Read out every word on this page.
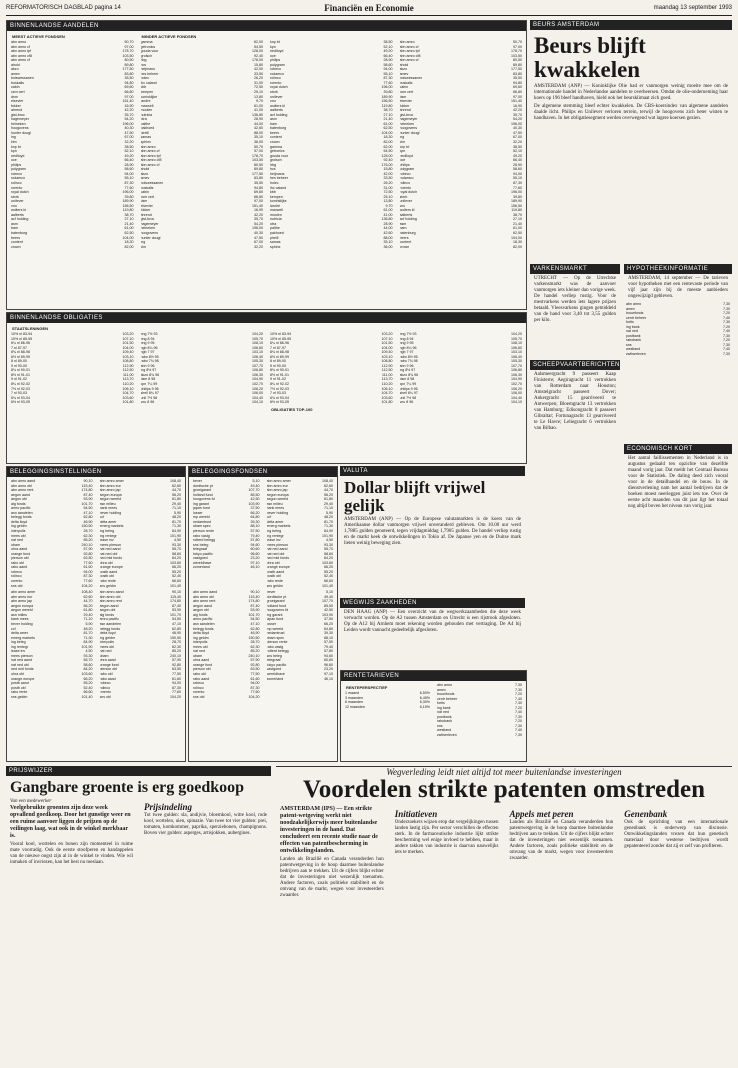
REFORMATORISCH DAGBLAD pagina 14	Financiën en Economie	maandag 13 september 1993
BINNENLANDSE AANDELEN
MEEST ACTIEVE FONDSEN
abn amro	50,70
abn amro cf	97,00
abn amro tpf	178,70
abn amro cf8	103,50
abn amro cf	80,50
ahold	89,80
akzo	177,50
amev	83,80
bolswessanen	35,50
boskalis	94,80
cabin	69,60
csm cert	66,80
dsm	97,00
elsevier	151,40
fokker	16,90
ahrend	42,20
gist-broc	35,70
hagemeyer	54,20
heineken	196,00
hoogovens	40,30
hunter dougl	47,50
ing	67,00
klm	32,20
knp bt	38,50
kpn	52,10
nedlloyd	49,20
oce	66,40
philips	28,90
polygram	58,60
robeco	94,00
rodamco	55,10
rolinco	87,30
rorento	77,60
royal dutch	196,00
stork	39,80
unilever	189,90
vnu	156,50
wolters kl	119,80
aalberts	38,70
acf holding	27,10
asm	21,40
bam	61,00
batenburg	62,50
beers	104,00
content	18,30
crown	82,00
MINDER ACTIEVE FONDSEN
gamma	62,00
getronics	54,50
gouda vuur	128,00
grolsch	92,40
hbg	176,00
hcs	15,80
heijmans	42,00
hes beheer	33,50
holec	26,20
ihc caland	31,00
kbb	72,50
kempen	25,10
koninklijke	13,80
landré	9,70
maxwell	61,00
moolen	41,00
nutricia	136,80
otra	28,90
palthe	44,00
pakhoed	42,60
pirelli	88,00
samas	35,10
sphinx	36,00
abn amro	50,70
abn amro cf	97,00
abn amro tpf	178,70
abn amro cf8	103,50
abn amro cf	80,50
ahold	89,80
akzo	177,50
amev	83,80
bolswessanen	35,50
boskalis	94,80
cabin	69,60
csm cert	66,80
dsm	97,00
elsevier	151,40
fokker	16,90
ahrend	42,20
gist-broc	35,70
hagemeyer	54,20
heineken	196,00
hoogovens	40,30
hunter dougl	47,50
ing	67,00
klm	32,20
knp bt	38,50
kpn	52,10
nedlloyd	49,20
oce	66,40
philips	28,90
polygram	58,60
robeco	94,00
rodamco	55,10
rolinco	87,30
rorento	77,60
royal dutch	196,00
stork	39,80
unilever	189,90
vnu	156,50
wolters kl	119,80
aalberts	38,70
acf holding	27,10
asm	21,40
bam	61,00
batenburg	62,50
beers	104,00
content	18,30
crown	82,00
gamma	62,00
getronics	54,50
gouda vuur	128,00
grolsch	92,40
hbg	176,00
hcs	15,80
heijmans	42,00
hes beheer	33,50
holec	26,20
ihc caland	31,00
kbb	72,50
kempen	25,10
koninklijke	13,80
landré	9,70
maxwell	61,00
moolen	41,00
nutricia	136,80
otra	28,90
palthe	44,00
pakhoed	42,60
pirelli	88,00
samas	35,10
sphinx	36,00
abn amro	50,70
abn amro cf	97,00
abn amro tpf	178,70
abn amro cf8	103,50
abn amro cf	80,50
ahold	89,80
akzo	177,50
amev	83,80
bolswessanen	35,50
boskalis	94,80
cabin	69,60
csm cert	66,80
dsm	97,00
elsevier	151,40
fokker	16,90
ahrend	42,20
gist-broc	35,70
hagemeyer	54,20
heineken	196,00
hoogovens	40,30
hunter dougl	47,50
ing	67,00
klm	32,20
knp bt	38,50
kpn	52,10
nedlloyd	49,20
oce	66,40
philips	28,90
polygram	58,60
robeco	94,00
rodamco	55,10
rolinco	87,30
rorento	77,60
royal dutch	196,00
stork	39,80
unilever	189,90
vnu	156,50
wolters kl	119,80
aalberts	38,70
acf holding	27,10
asm	21,40
bam	61,00
batenburg	62,50
beers	104,00
content	18,30
crown	82,00
BINNENLANDSE OBLIGATIES
STAATSLENINGEN
10% nl 83-94	103,20
10% nl 85-95	107,10
6¼ nl 86-96	101,50
7 nl 87-97	104,00
8¾ nl 88-98	109,40
6½ nl 89-99	103,10
8 nl 89-00	108,80
9 nl 90-00	112,90
8¾ nl 90-01	112,50
8½ nl 91-01	111,00
9 nl 91-02	113,70
8¼ nl 92-02	110,20
7½ nl 92-03	106,10
7 nl 93-03	104,70
6¾ nl 93-04	103,60
6½ nl 93-05	101,80
bng 7½ 93	104,20
bng 8 94	105,70
bng 9 95	108,10
ngb 8¼ 96	106,60
ngb 7 97	103,10
rabo 8½ 95	106,40
rabo 7¾ 98	105,30
abn 9 96	107,70
ing 8½ 97	106,80
akzo 8¾ 96	106,30
dsm 8 98	104,90
kpn 7¼ 99	102,70
philips 9 96	106,20
shell 8¼ 97	106,00
unil 7½ 98	104,40
vnu 8 96	104,10
10% nl 83-94	103,20
10% nl 85-95	107,10
6¼ nl 86-96	101,50
7 nl 87-97	104,00
8¾ nl 88-98	109,40
6½ nl 89-99	103,10
8 nl 89-00	108,80
9 nl 90-00	112,90
8¾ nl 90-01	112,50
8½ nl 91-01	111,00
9 nl 91-02	113,70
8¼ nl 92-02	110,20
7½ nl 92-03	106,10
7 nl 93-03	104,70
6¾ nl 93-04	103,60
6½ nl 93-05	101,80
OBLIGATIES TOP-100
bng 7½ 93	104,20
bng 8 94	105,70
bng 9 95	108,10
ngb 8¼ 96	106,60
ngb 7 97	103,10
rabo 8½ 95	106,40
rabo 7¾ 98	105,30
abn 9 96	107,70
ing 8½ 97	106,80
akzo 8¾ 96	106,30
dsm 8 98	104,90
kpn 7¼ 99	102,70
philips 9 96	106,20
shell 8¼ 97	106,00
unil 7½ 98	104,40
vnu 8 96	104,10
BELEGGINGSINSTELLINGEN
abn amro aand	90,10
abn amro obl	115,40
abn amro rent	174,80
aegon aand	87,40
aegon obl	53,90
alg fonds	101,70
amro pacific	54,50
asn aandelen	47,10
belegg fonds	62,80
delta lloyd	46,90
ing geldm	150,50
interpolis	28,70
mees obl	62,30
nat ned	85,20
obam	240,10
ohra aand	57,90
orange fund	92,80
pierson obl	63,50
rabo obl	77,50
rabo aand	61,60
robeco	94,00
rolinco	87,30
rorento	77,60
sns obl	104,20
abn amro amer	108,40
abn amro eur	62,60
abn amro jap	44,70
aegon europa	56,20
aegon wereld	61,80
asn milieu	29,40
bank mees	71,10
bever holding	5,90
ccf	48,20
delta amer	81,70
emerg markets	71,30
ing beleg	84,90
ing rentegr	101,90
lease inv	4,50
mees pierson	93,30
nat ned aand	55,70
nat ned obl	58,60
ned mid fonds	84,20
ohra obl	103,60
orange europe	66,20
postb aand	55,20
postb obl	52,40
rabo rente	66,60
sns geldm	101,40
abn amro amer	108,40
abn amro eur	62,60
abn amro jap	44,70
aegon europa	56,20
aegon wereld	61,80
asn milieu	29,40
bank mees	71,10
bever holding	5,90
ccf	48,20
delta amer	81,70
emerg markets	71,30
ing beleg	84,90
ing rentegr	101,90
lease inv	4,50
mees pierson	93,30
nat ned aand	55,70
nat ned obl	58,60
ned mid fonds	84,20
ohra obl	103,60
orange europe	66,20
postb aand	55,20
postb obl	52,40
rabo rente	66,60
sns geldm	101,40
abn amro aand	90,10
abn amro obl	115,40
abn amro rent	174,80
aegon aand	87,40
aegon obl	53,90
alg fonds	101,70
amro pacific	54,50
asn aandelen	47,10
belegg fonds	62,80
delta lloyd	46,90
ing geldm	150,50
interpolis	28,70
mees obl	62,30
nat ned	85,20
obam	240,10
ohra aand	57,90
orange fund	92,80
pierson obl	63,50
rabo obl	77,50
rabo aand	61,60
robeco	94,00
rolinco	87,30
rorento	77,60
sns obl	104,20
BELEGGINGSFONDSEN
bever	5,10
dordtsche pt	49,40
groeigarant	107,70
holland fund	85,50
hoogovens fd	42,50
ing garant	103,90
japan fund	37,50
losser	66,20
mp wereld	64,80
nedamtrust	39,30
obam spec	88,10
pierson rente	57,50
rabo vastg	79,40
rotterd belegg	57,80
sns beleg	94,60
telegraaf	60,60
tokyo pacific	96,60
vastgoed	23,20
wereldhave	97,10
zomerland	46,10
abn amro amer	108,40
abn amro eur	62,60
abn amro jap	44,70
aegon europa	56,20
aegon wereld	61,80
asn milieu	29,40
bank mees	71,10
bever holding	5,90
ccf	48,20
delta amer	81,70
emerg markets	71,30
ing beleg	84,90
ing rentegr	101,90
lease inv	4,50
mees pierson	93,30
nat ned aand	55,70
nat ned obl	58,60
ned mid fonds	84,20
ohra obl	103,60
orange europe	66,20
postb aand	55,20
postb obl	52,40
rabo rente	66,60
sns geldm	101,40
abn amro aand	90,10
abn amro obl	115,40
abn amro rent	174,80
aegon aand	87,40
aegon obl	53,90
alg fonds	101,70
amro pacific	54,50
asn aandelen	47,10
belegg fonds	62,80
delta lloyd	46,90
ing geldm	150,50
interpolis	28,70
mees obl	62,30
nat ned	85,20
obam	240,10
ohra aand	57,90
orange fund	92,80
pierson obl	63,50
rabo obl	77,50
rabo aand	61,60
robeco	94,00
rolinco	87,30
rorento	77,60
sns obl	104,20
bever	5,10
dordtsche pt	49,40
groeigarant	107,70
holland fund	85,50
hoogovens fd	42,50
ing garant	103,90
japan fund	37,50
losser	66,20
mp wereld	64,80
nedamtrust	39,30
obam spec	88,10
pierson rente	57,50
rabo vastg	79,40
rotterd belegg	57,80
sns beleg	94,60
telegraaf	60,60
tokyo pacific	96,60
vastgoed	23,20
wereldhave	97,10
zomerland	46,10
VALUTA
Dollar blijft vrijwel gelijk
AMSTERDAM (ANP) — Op de Europese valutamarkten is de koers van de Amerikaanse dollar vanmorgen vrijwel onveranderd gebleven. Om 10.00 uur werd 1,7885 gulden genoteerd, tegen vrijdagmiddag 1,7905 gulden. De handel verliep rustig en de markt keek de ontwikkelingen in Tokio af. De Japanse yen en de Duitse mark lieten weinig beweging zien.
WEGWIJS ZAAKHEDEN
DEN HAAG (ANP) — Een overzicht van de wegwerkzaamheden die deze week verwacht worden. Op de A2 tussen Amsterdam en Utrecht is een rijstrook afgesloten. Op de A12 bij Arnhem moet rekening worden gehouden met vertraging. De A4 bij Leiden wordt vannacht gedeeltelijk afgesloten.
RENTETARIEVEN
RENTEPERSPECTIEF
1 maand	6,50%
3 maanden	6,45%
6 maanden	6,30%
12 maanden	6,15%
abn amro	7,30
amev	7,30
bouwfonds	7,20
centr beheer	7,40
fortis	7,30
ing bank	7,20
nat ned	7,40
postbank	7,30
rabobank	7,20
sns	7,30
westland	7,40
zwitserleven	7,30
BEURS AMSTERDAM
Beurs blijft kwakkelen
AMSTERDAM (ANP) — Koninklijke Olie had er vanmorgen weinig moeite mee om de internationale handel in Nederlandse aandelen te overheersen. Omdat de olie-onderneming haar koers op 196 bleef handhaven, hield ook het beursklimaat zich goed.
De algemene stemming bleef echter kwakkelen. De CBS-koersindex van algemene aandelen daalde licht. Philips en Unilever verloren terrein, terwijl de hoogovens zich beter wisten te handhaven. In het obligatiesegment werden overwegend wat lagere koersen gezien.
VARKENSMARKT
UTRECHT — Op de Utrechtse varkensmarkt was de aanvoer vanmorgen iets kleiner dan vorige week. De handel verliep rustig. Voor de mestvarkens werden iets lagere prijzen betaald. Vleesvarkens gingen gemiddeld van de hand voor 3,40 tot 3,55 gulden per kilo.
HYPOTHEEKINFORMATIE
AMSTERDAM, 14 september — De tarieven voor hypotheken met een rentevaste periode van vijf jaar zijn bij de meeste aanbieders ongewijzigd gebleven.
abn amro	7,30
amev	7,30
bouwfonds	7,20
centr beheer	7,40
fortis	7,30
ing bank	7,20
nat ned	7,40
postbank	7,30
rabobank	7,20
sns	7,30
westland	7,40
zwitserleven	7,30
SCHEEPVAARTBERICHTEN
Aalsmeergracht 9 passeert Kaap Finisterre; Aegiragracht 11 vertrokken van Rotterdam naar Houston; Amstelgracht passeert Dover; Ankergracht 15 gearriveerd te Antwerpen; Bloemgracht 13 vertrokken van Hamburg; Edisongracht 8 passeert Gibraltar; Fortunagracht 13 gearriveerd te Le Havre; Leliegracht 6 vertrokken van Bilbao.
ECONOMISCH KORT
Het aantal faillissementen in Nederland is in augustus gedaald ten opzichte van dezelfde maand vorig jaar. Dat meldt het Centraal Bureau voor de Statistiek. De daling deed zich vooral voor in de detailhandel en de bouw. In de dienstverlening nam het aantal bedrijven dat de boeken moest neerleggen juist iets toe. Over de eerste acht maanden van dit jaar ligt het totaal nog altijd boven het niveau van vorig jaar.
PRIJSWIJZER
Gangbare groente is erg goedkoop
Van een medewerker
Veelgebruikte groenten zijn deze week opvallend goedkoop. Door het gunstige weer en een ruime aanvoer liggen de prijzen op de veilingen laag, wat ook in de winkel merkbaar is.
Vooral kool, wortelen en bonen zijn momenteel in ruime mate voorradig. Ook de eerste stoofperen en handappelen van de nieuwe oogst zijn al in de winkel te vinden. Wie wil inmaken of invriezen, kan het best nu toeslaan.
Prijsindeling
Tot twee gulden: sla, andijvie, bloemkool, witte kool, rode kool, wortelen, uien, spinazie. Van twee tot vier gulden: prei, tomaten, komkommer, paprika, sperziebonen, champignons. Boven vier gulden: asperges, artisjokken, aubergines.
Wegverleding leidt niet altijd tot meer buitenlandse investeringen
Voordelen strikte patenten omstreden
AMSTERDAM (IPS) — Een strikte patent-wetgeving werkt niet noodzakelijkerwijs meer buitenlandse investeringen in de hand. Dat concludeert een recente studie naar de effecten van patentbescherming in ontwikkelingslanden.
Landen als Brazilië en Canada veranderden hun patentwetgeving in de hoop daarmee buitenlandse bedrijven aan te trekken. Uit de cijfers blijkt echter dat de investeringen niet wezenlijk toenamen. Andere factoren, zoals politieke stabiliteit en de omvang van de markt, wegen voor investeerders zwaarder.
Initiatieven
Onderzoekers wijzen erop dat vergelijkingen tussen landen lastig zijn. Per sector verschillen de effecten sterk. In de farmaceutische industrie lijkt strikte bescherming wel enige invloed te hebben, maar in andere takken van industrie is daarvan nauwelijks iets te merken.
Appels met peren
Landen als Brazilië en Canada veranderden hun patentwetgeving in de hoop daarmee buitenlandse bedrijven aan te trekken. Uit de cijfers blijkt echter dat de investeringen niet wezenlijk toenamen. Andere factoren, zoals politieke stabiliteit en de omvang van de markt, wegen voor investeerders zwaarder.
Genenbank
Ook de oprichting van een internationale genenbank is onderwerp van discussie. Ontwikkelingslanden vrezen dat hun genetisch materiaal door westerse bedrijven wordt gepatenteerd zonder dat zij er zelf van profiteren.
